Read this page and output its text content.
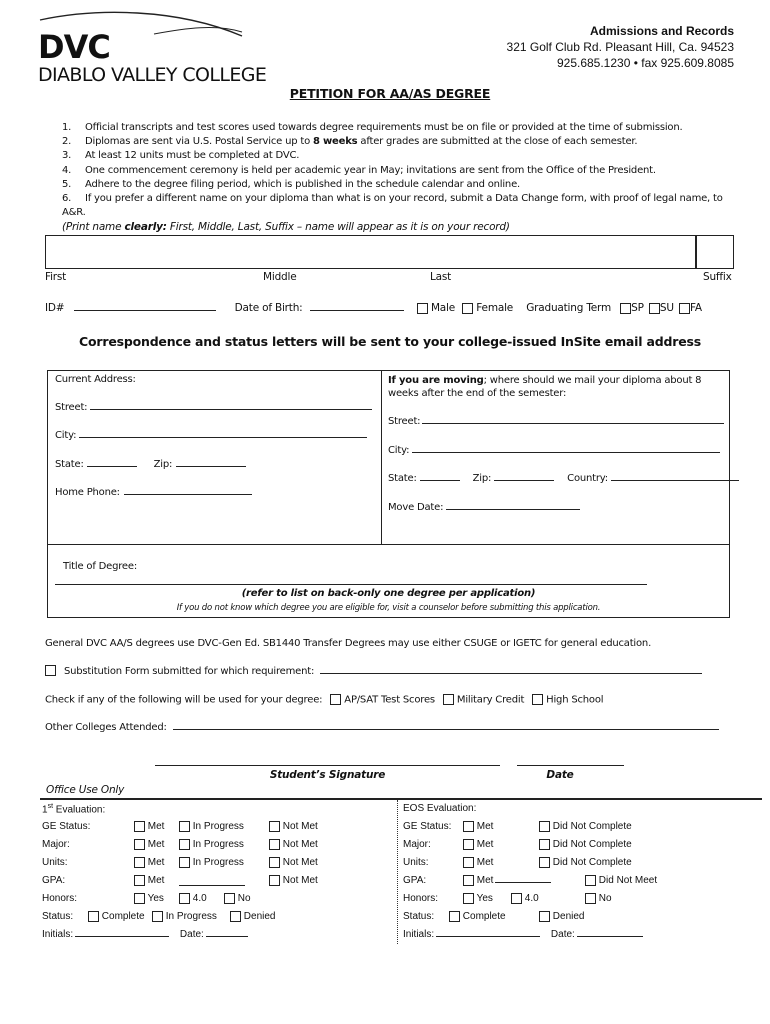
DVC
DIABLO VALLEY COLLEGE
Admissions and Records
321 Golf Club Rd. Pleasant Hill, Ca. 94523
925.685.1230 • fax 925.609.8085
PETITION FOR AA/AS DEGREE
1. Official transcripts and test scores used towards degree requirements must be on file or provided at the time of submission.
2. Diplomas are sent via U.S. Postal Service up to 8 weeks after grades are submitted at the close of each semester.
3. At least 12 units must be completed at DVC.
4. One commencement ceremony is held per academic year in May; invitations are sent from the Office of the President.
5. Adhere to the degree filing period, which is published in the schedule calendar and online.
6. If you prefer a different name on your diploma than what is on your record, submit a Data Change form, with proof of legal name, to A&R.
(Print name clearly: First, Middle, Last, Suffix – name will appear as it is on your record)
First	Middle	Last	Suffix
ID#	Date of Birth:	Male Female Graduating Term SP SU FA
Correspondence and status letters will be sent to your college-issued InSite email address
Current Address:
Street:
City:
State:	Zip:
Home Phone:
If you are moving; where should we mail your diploma about 8 weeks after the end of the semester:
Street:
City:
State:	Zip:	Country:
Move Date:
Title of Degree:
(refer to list on back-only one degree per application)
If you do not know which degree you are eligible for, visit a counselor before submitting this application.
General DVC AA/S degrees use DVC-Gen Ed. SB1440 Transfer Degrees may use either CSUGE or IGETC for general education.
Substitution Form submitted for which requirement:
Check if any of the following will be used for your degree: AP/SAT Test Scores Military Credit High School
Other Colleges Attended:
Student’s Signature	Date
Office Use Only
1st Evaluation:
GE Status:	Met	In Progress	Not Met
Major:	Met	In Progress	Not Met
Units:	Met	In Progress	Not Met
GPA:	Met	Not Met
Honors:	Yes	4.0	No
Status:	Complete	In Progress	Denied
Initials:	Date:
EOS Evaluation:
GE Status:	Met	Did Not Complete
Major:	Met	Did Not Complete
Units:	Met	Did Not Complete
GPA:	Met	Did Not Meet
Honors:	Yes	4.0	No
Status:	Complete	Denied
Initials:	Date:
